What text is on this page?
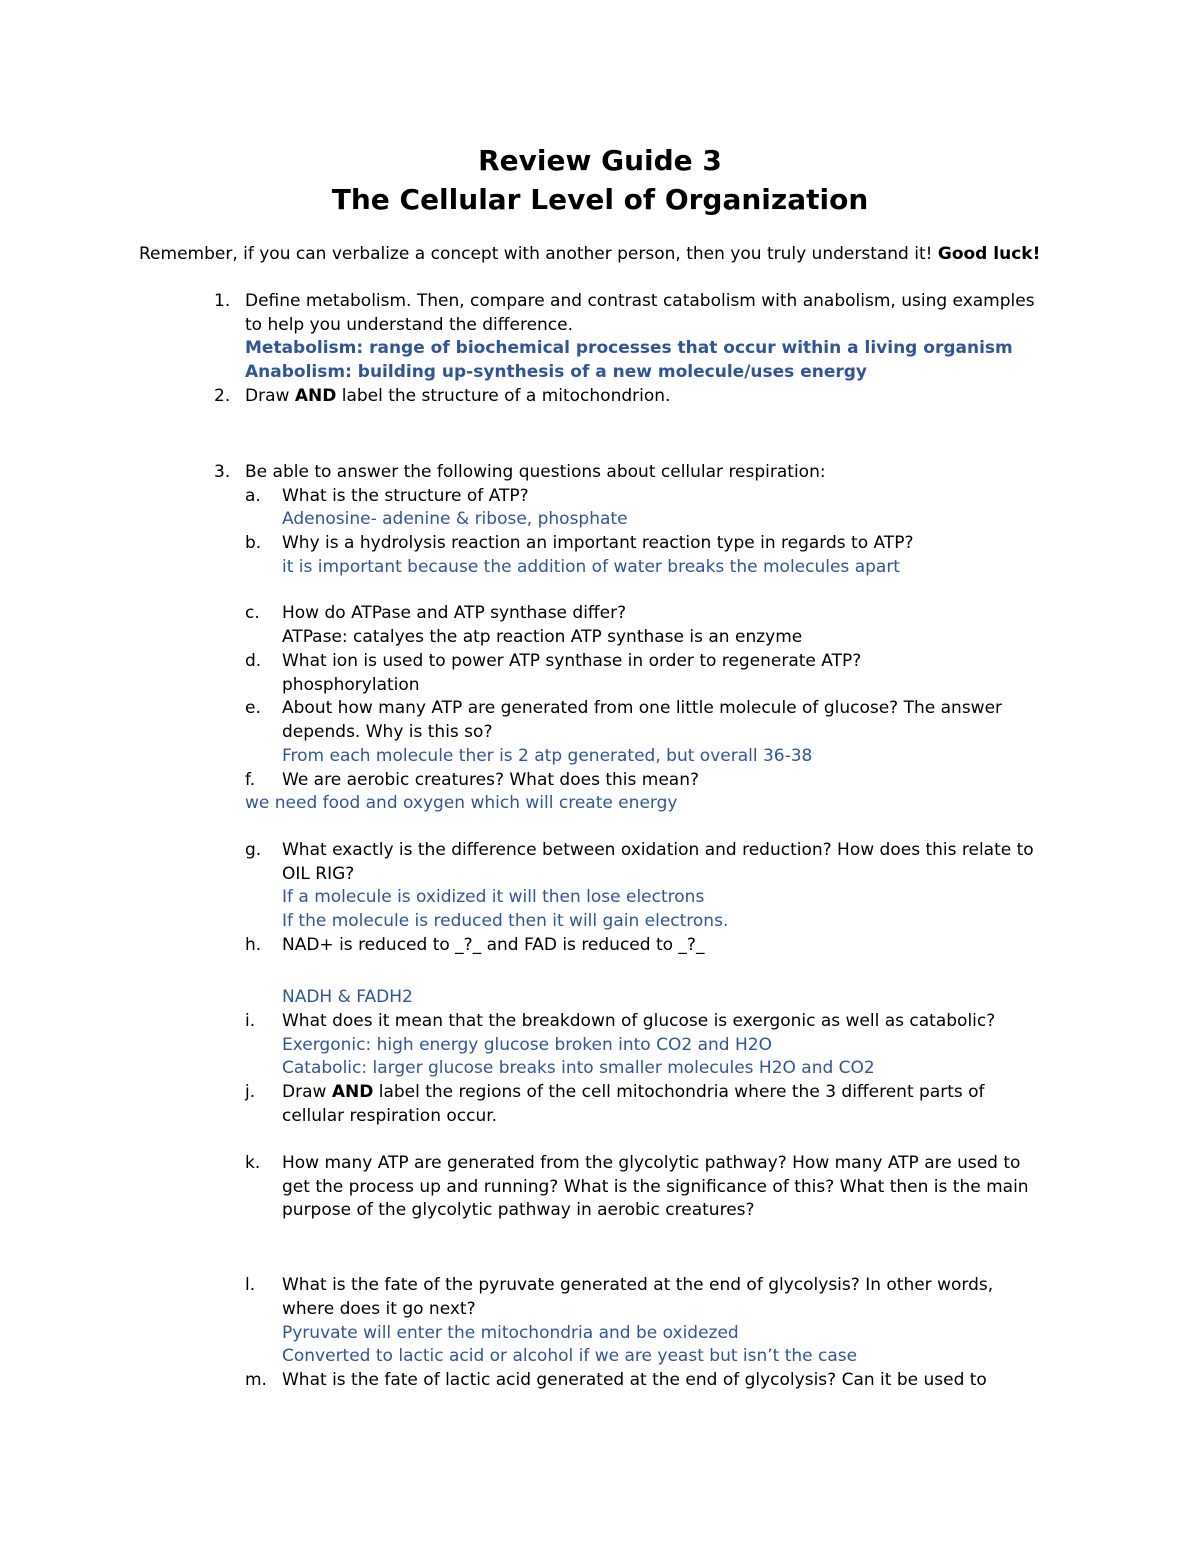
Review Guide 3
The Cellular Level of Organization
Remember, if you can verbalize a concept with another person, then you truly understand it! Good luck!
1. Define metabolism. Then, compare and contrast catabolism with anabolism, using examples
to help you understand the difference.
Metabolism: range of biochemical processes that occur within a living organism
Anabolism: building up-synthesis of a new molecule/uses energy
2. Draw AND label the structure of a mitochondrion.
3. Be able to answer the following questions about cellular respiration:
a. What is the structure of ATP?
Adenosine- adenine & ribose, phosphate
b. Why is a hydrolysis reaction an important reaction type in regards to ATP?
it is important because the addition of water breaks the molecules apart
c. How do ATPase and ATP synthase differ?
ATPase: catalyes the atp reaction ATP synthase is an enzyme
d. What ion is used to power ATP synthase in order to regenerate ATP?
phosphorylation
e. About how many ATP are generated from one little molecule of glucose? The answer
depends. Why is this so?
From each molecule ther is 2 atp generated, but overall 36-38
f. We are aerobic creatures? What does this mean?
we need food and oxygen which will create energy
g. What exactly is the difference between oxidation and reduction? How does this relate to
OIL RIG?
If a molecule is oxidized it will then lose electrons
If the molecule is reduced then it will gain electrons.
h. NAD+ is reduced to _?_ and FAD is reduced to _?_
NADH & FADH2
i. What does it mean that the breakdown of glucose is exergonic as well as catabolic?
Exergonic: high energy glucose broken into CO2 and H2O
Catabolic: larger glucose breaks into smaller molecules H2O and CO2
j. Draw AND label the regions of the cell mitochondria where the 3 different parts of
cellular respiration occur.
k. How many ATP are generated from the glycolytic pathway? How many ATP are used to
get the process up and running? What is the significance of this? What then is the main
purpose of the glycolytic pathway in aerobic creatures?
l. What is the fate of the pyruvate generated at the end of glycolysis? In other words,
where does it go next?
Pyruvate will enter the mitochondria and be oxidezed
Converted to lactic acid or alcohol if we are yeast but isn’t the case
m. What is the fate of lactic acid generated at the end of glycolysis? Can it be used to
